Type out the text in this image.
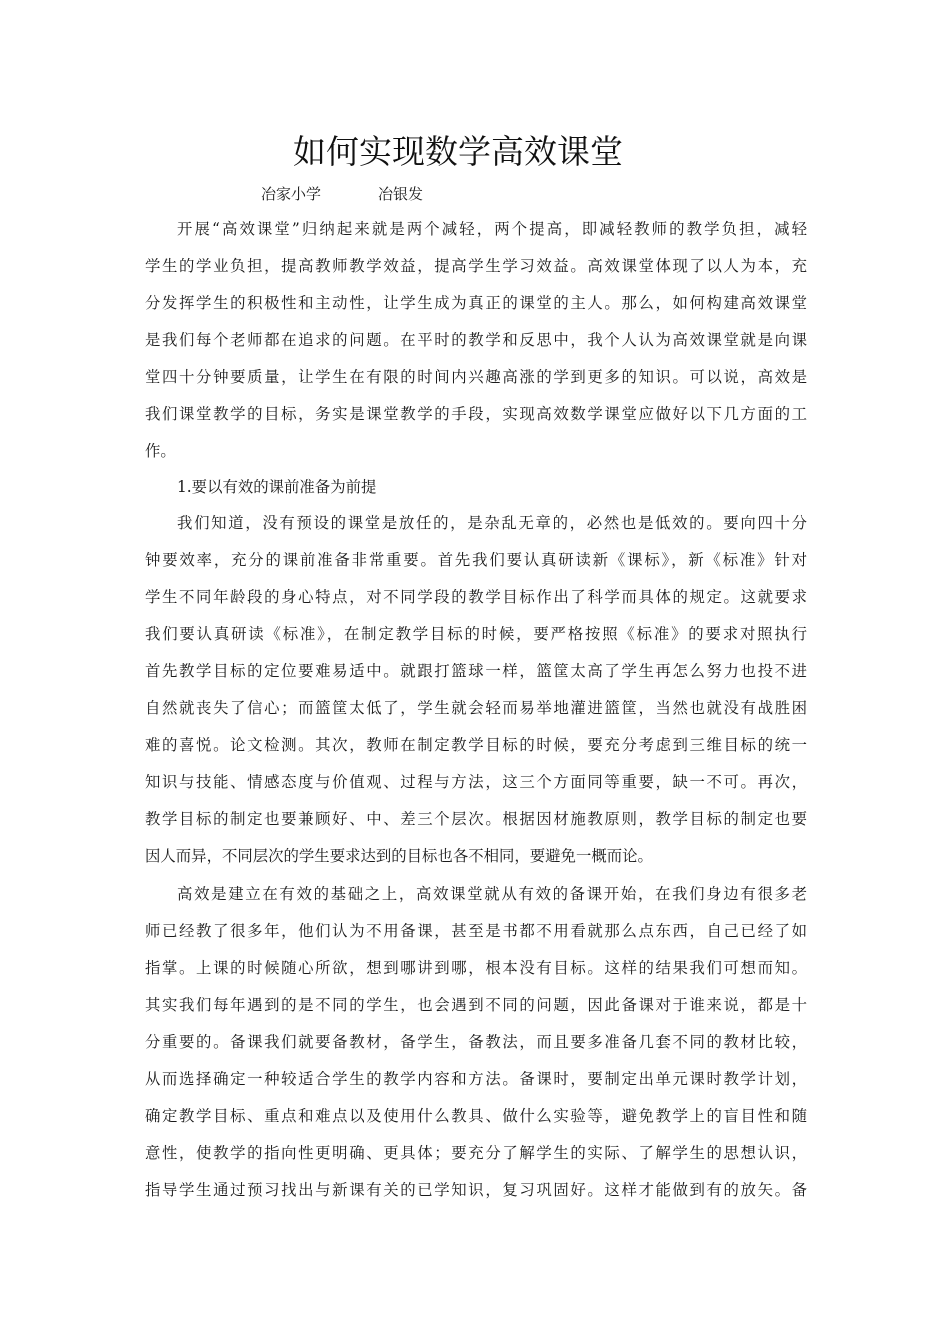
如何实现数学高效课堂
冶家小学	冶银发
开展“高效课堂”归纳起来就是两个减轻，两个提高，即减轻教师的教学负担，减轻
学生的学业负担，提高教师教学效益，提高学生学习效益。高效课堂体现了以人为本，充
分发挥学生的积极性和主动性，让学生成为真正的课堂的主人。那么，如何构建高效课堂
是我们每个老师都在追求的问题。在平时的教学和反思中，我个人认为高效课堂就是向课
堂四十分钟要质量，让学生在有限的时间内兴趣高涨的学到更多的知识。可以说，高效是
我们课堂教学的目标，务实是课堂教学的手段，实现高效数学课堂应做好以下几方面的工
作。
1.要以有效的课前准备为前提
我们知道，没有预设的课堂是放任的，是杂乱无章的，必然也是低效的。要向四十分
钟要效率，充分的课前准备非常重要。首先我们要认真研读新《课标》，新《标准》针对
学生不同年龄段的身心特点，对不同学段的教学目标作出了科学而具体的规定。这就要求
我们要认真研读《标准》，在制定教学目标的时候，要严格按照《标准》的要求对照执行
首先教学目标的定位要难易适中。就跟打篮球一样，篮筐太高了学生再怎么努力也投不进
自然就丧失了信心；而篮筐太低了，学生就会轻而易举地灌进篮筐，当然也就没有战胜困
难的喜悦。论文检测。其次，教师在制定教学目标的时候，要充分考虑到三维目标的统一
知识与技能、情感态度与价值观、过程与方法，这三个方面同等重要，缺一不可。再次，
教学目标的制定也要兼顾好、中、差三个层次。根据因材施教原则，教学目标的制定也要
因人而异，不同层次的学生要求达到的目标也各不相同，要避免一概而论。
高效是建立在有效的基础之上，高效课堂就从有效的备课开始，在我们身边有很多老
师已经教了很多年，他们认为不用备课，甚至是书都不用看就那么点东西，自己已经了如
指掌。上课的时候随心所欲，想到哪讲到哪，根本没有目标。这样的结果我们可想而知。
其实我们每年遇到的是不同的学生，也会遇到不同的问题，因此备课对于谁来说，都是十
分重要的。备课我们就要备教材，备学生，备教法，而且要多准备几套不同的教材比较，
从而选择确定一种较适合学生的教学内容和方法。备课时，要制定出单元课时教学计划，
确定教学目标、重点和难点以及使用什么教具、做什么实验等，避免教学上的盲目性和随
意性，使教学的指向性更明确、更具体；要充分了解学生的实际、了解学生的思想认识，
指导学生通过预习找出与新课有关的已学知识，复习巩固好。这样才能做到有的放矢。备
